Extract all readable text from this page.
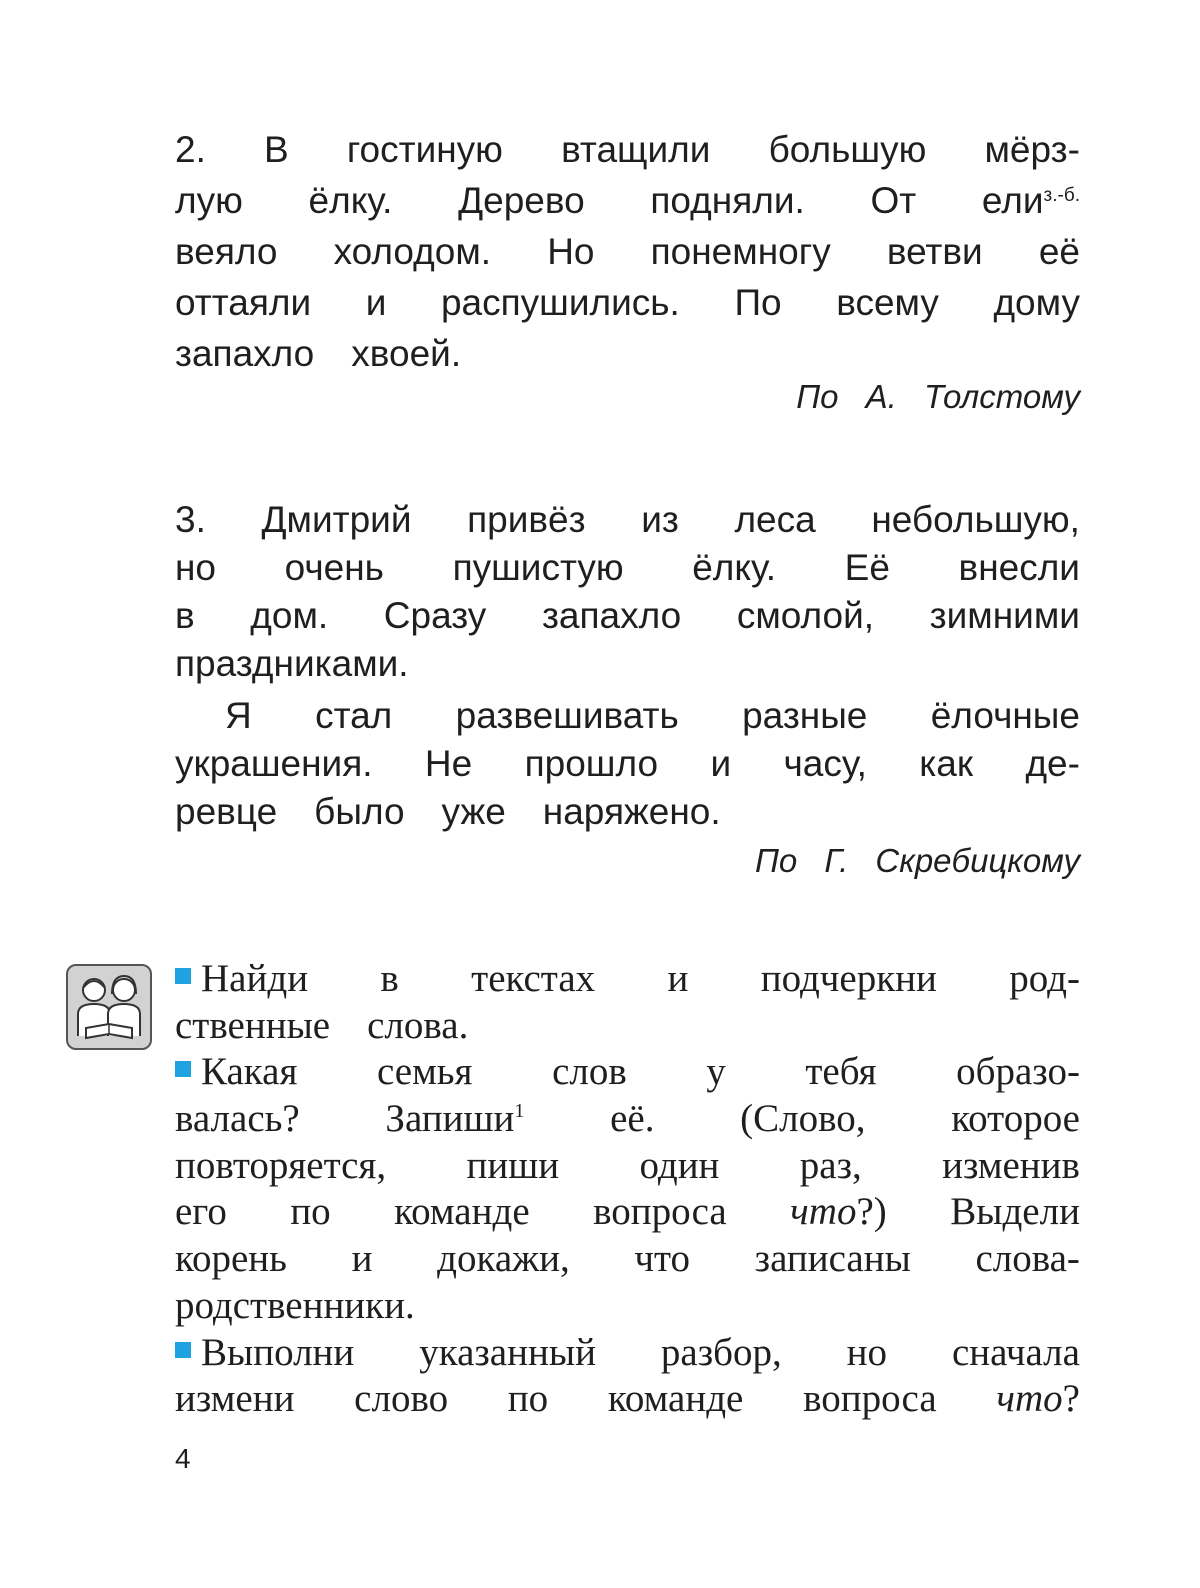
2. В гостиную втащили большую мёрз-
лую ёлку. Дерево подняли. От ели$^{з.-б.}$
веяло холодом. Но понемногу ветви её
оттаяли и распушились. По всему дому
запахло хвоей.
По А. Толстому
3. Дмитрий привёз из леса небольшую,
но очень пушистую ёлку. Её внесли
в дом. Сразу запахло смолой, зимними
праздниками.
Я стал развешивать разные ёлочные
украшения. Не прошло и часу, как де-
ревце было уже наряжено.
По Г. Скребицкому
Найди в текстах и подчеркни род-
ственные слова.
Какая семья слов у тебя образо-
валась? Запиши$^1$ её. (Слово, которое
повторяется, пиши один раз, изменив
его по команде вопроса что?) Выдели
корень и докажи, что записаны слова-
родственники.
Выполни указанный разбор, но сначала
измени слово по команде вопроса что?
4
